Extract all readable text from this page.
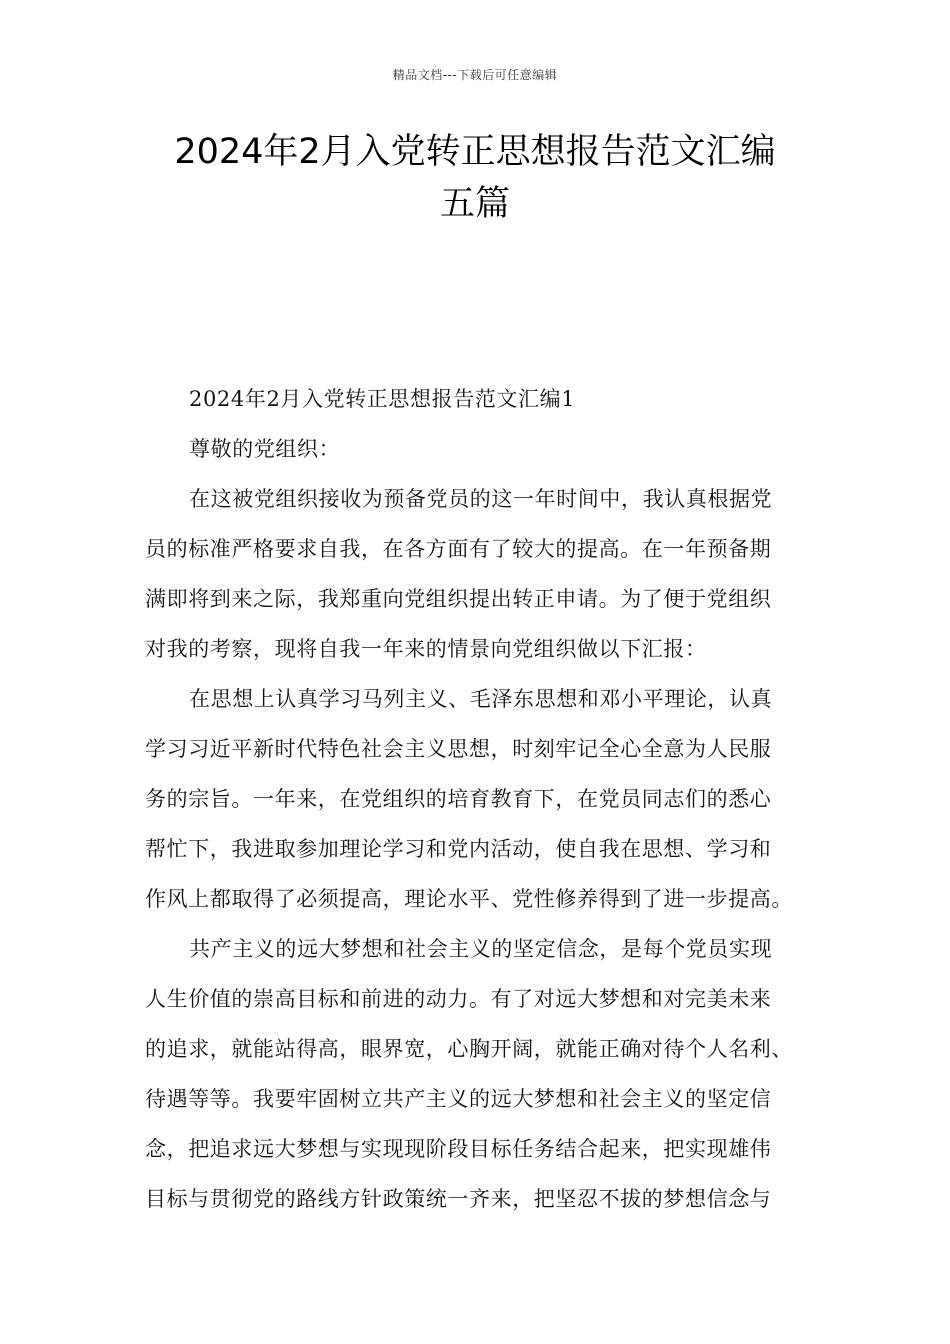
精品文档---下载后可任意编辑
2024年2月入党转正思想报告范文汇编
五篇
2024年2月入党转正思想报告范文汇编1
尊敬的党组织：
在这被党组织接收为预备党员的这一年时间中，我认真根据党
员的标准严格要求自我，在各方面有了较大的提高。在一年预备期
满即将到来之际，我郑重向党组织提出转正申请。为了便于党组织
对我的考察，现将自我一年来的情景向党组织做以下汇报：
在思想上认真学习马列主义、毛泽东思想和邓小平理论，认真
学习习近平新时代特色社会主义思想，时刻牢记全心全意为人民服
务的宗旨。一年来，在党组织的培育教育下，在党员同志们的悉心
帮忙下，我进取参加理论学习和党内活动，使自我在思想、学习和
作风上都取得了必须提高，理论水平、党性修养得到了进一步提高。
共产主义的远大梦想和社会主义的坚定信念，是每个党员实现
人生价值的崇高目标和前进的动力。有了对远大梦想和对完美未来
的追求，就能站得高，眼界宽，心胸开阔，就能正确对待个人名利、
待遇等等。我要牢固树立共产主义的远大梦想和社会主义的坚定信
念，把追求远大梦想与实现现阶段目标任务结合起来，把实现雄伟
目标与贯彻党的路线方针政策统一齐来，把坚忍不拔的梦想信念与
